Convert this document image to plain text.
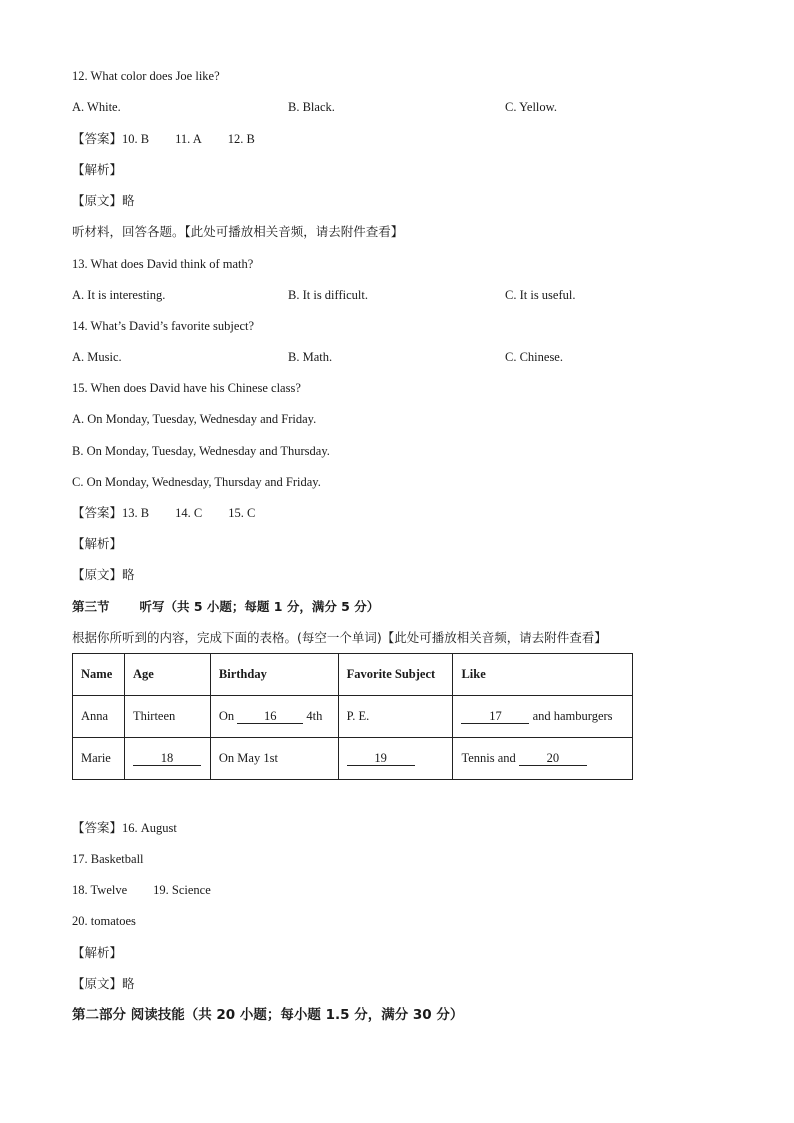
12. What color does Joe like?
A. White.	B. Black.	C. Yellow.
【答案】10. B 11. A 12. B
【解析】
【原文】略
听材料，回答各题。【此处可播放相关音频，请去附件查看】
13. What does David think of math?
A. It is interesting.	B. It is difficult.	C. It is useful.
14. What’s David’s favorite subject?
A. Music.	B. Math.	C. Chinese.
15. When does David have his Chinese class?
A. On Monday, Tuesday, Wednesday and Friday.
B. On Monday, Tuesday, Wednesday and Thursday.
C. On Monday, Wednesday, Thursday and Friday.
【答案】13. B 14. C 15. C
【解析】
【原文】略
第三节 听写（共 5 小题；每题 1 分，满分 5 分）
根据你所听到的内容，完成下面的表格。(每空一个单词)【此处可播放相关音频，请去附件查看】
Name	Age	Birthday	Favorite Subject	Like
Anna	Thirteen	On 16 4th	P. E.	17 and hamburgers
Marie	18	On May 1st	19	Tennis and 20
【答案】16. August
17. Basketball
18. Twelve 19. Science
20. tomatoes
【解析】
【原文】略
第二部分 阅读技能（共 20 小题；每小题 1.5 分，满分 30 分）
